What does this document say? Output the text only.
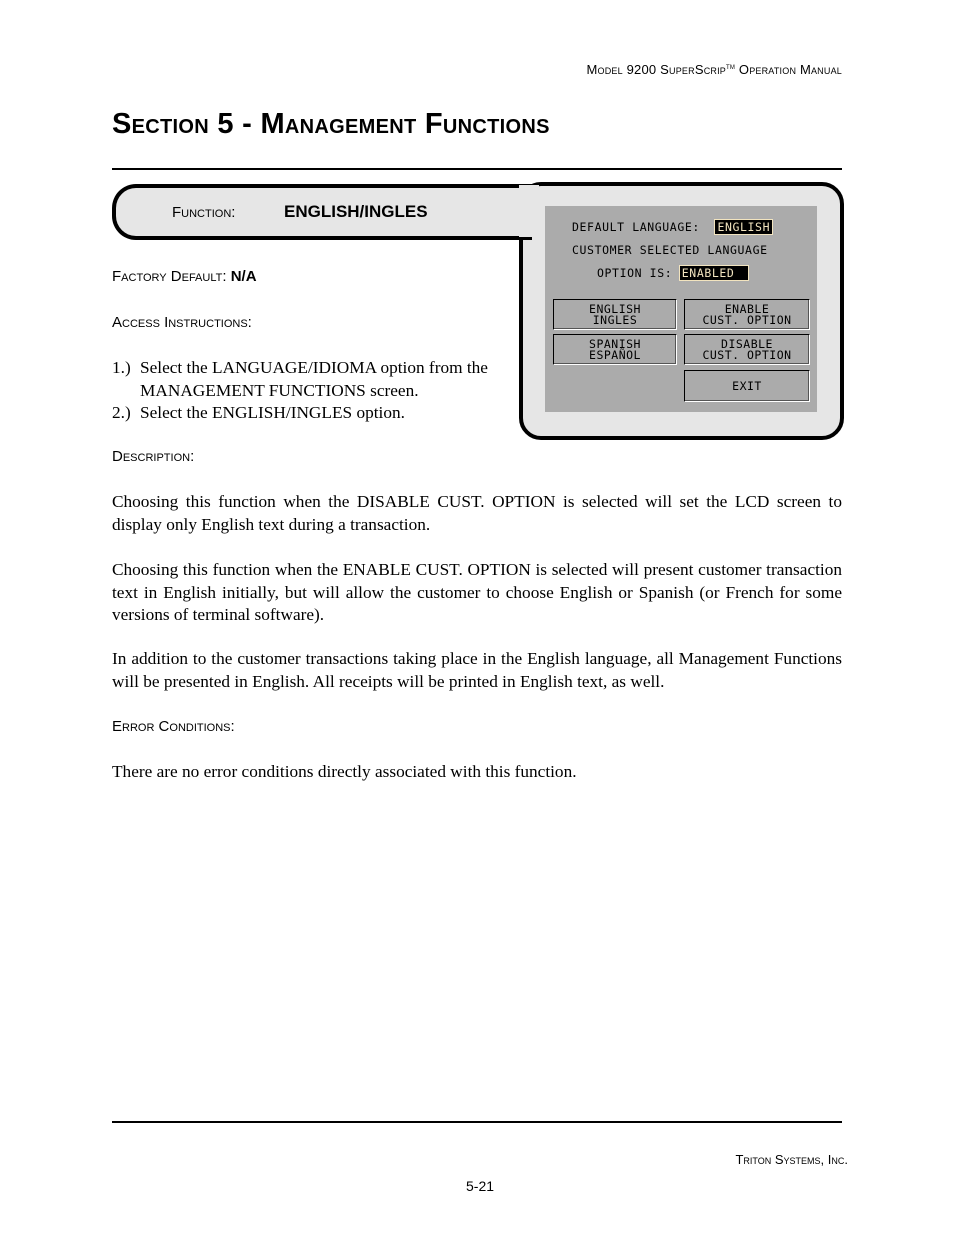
Model 9200 SuperScrip™ Operation Manual
Section 5 - Management Functions
Function:	ENGLISH/INGLES
DEFAULT LANGUAGE: ENGLISH
CUSTOMER SELECTED LANGUAGE
OPTION IS: ENABLED
ENGLISH
INGLES
ENABLE
CUST. OPTION
SPANISH
ESPAÑOL
DISABLE
CUST. OPTION
EXIT
Factory Default: N/A
Access Instructions:
1.) Select the LANGUAGE/IDIOMA option from the MANAGEMENT FUNCTIONS screen.
2.) Select the ENGLISH/INGLES option.
Description:

Choosing this function when the DISABLE CUST. OPTION is selected will set the LCD screen to display only English text during a transaction.

Choosing this function when the ENABLE CUST. OPTION is selected will present customer transaction text in English initially, but will allow the customer to choose English or Spanish (or French for some versions of terminal software).

In addition to the customer transactions taking place in the English language, all Management Functions will be presented in English. All receipts will be printed in English text, as well.

Error Conditions:

There are no error conditions directly associated with this function.

Triton Systems, Inc.
5-21
